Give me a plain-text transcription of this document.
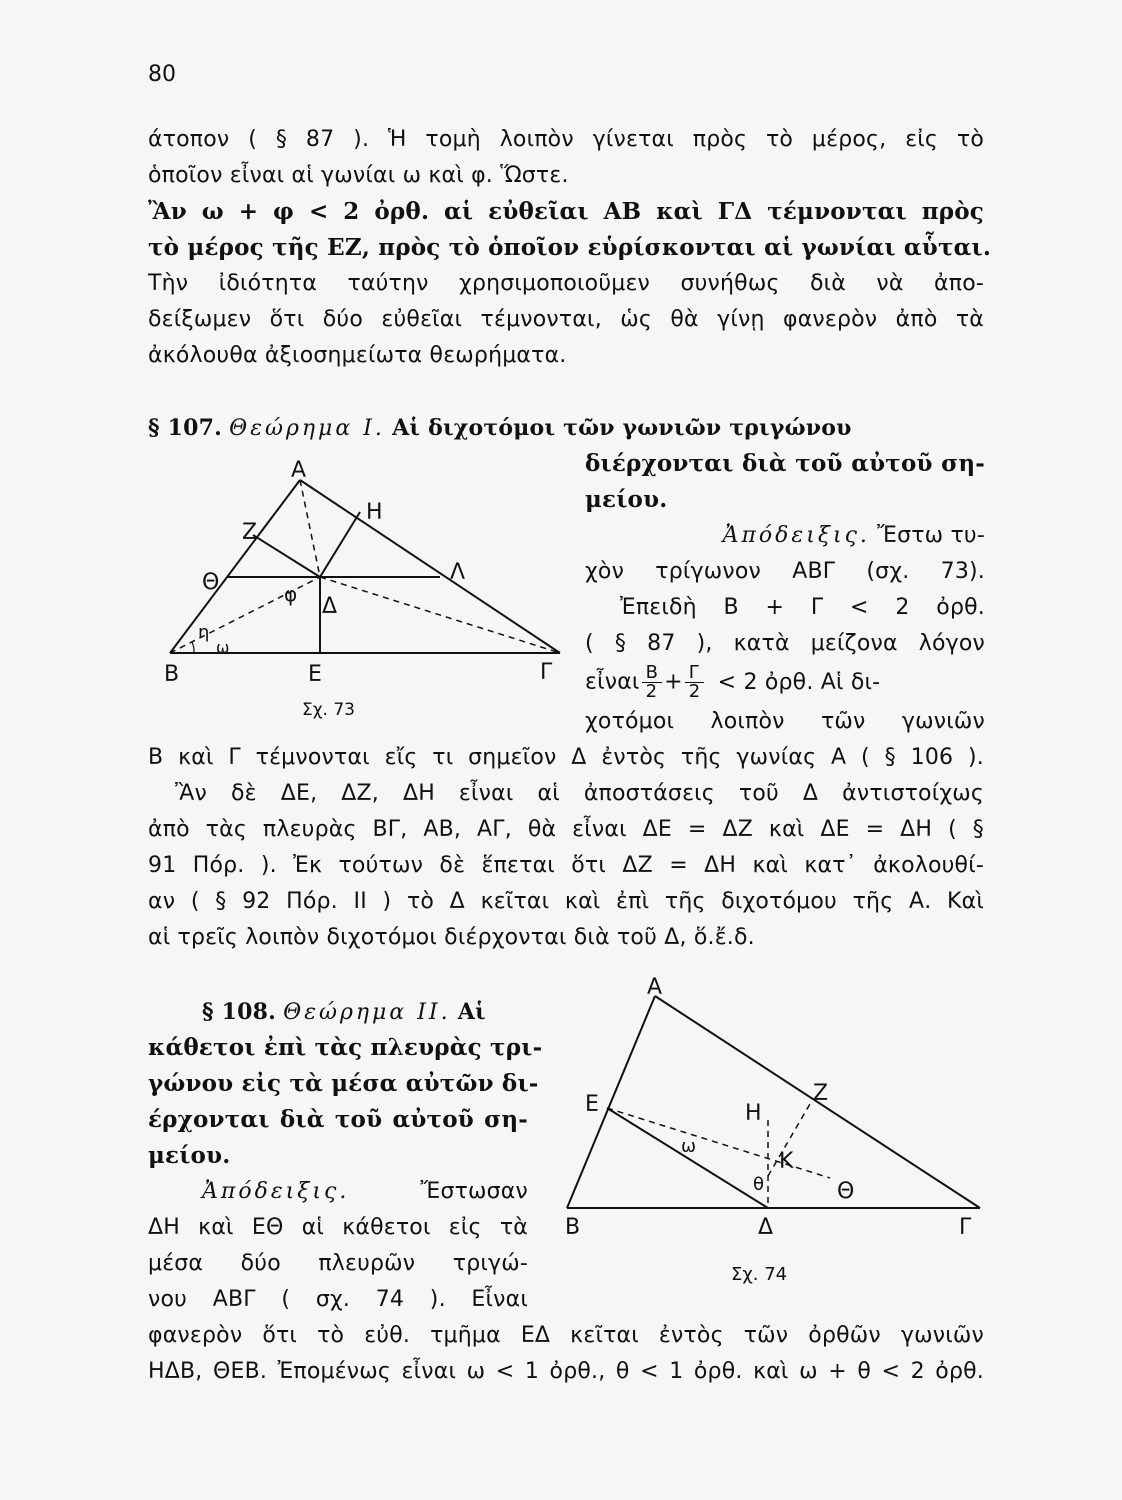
80
άτοπον ( § 87 ). Ἡ τομὴ λοιπὸν γίνεται πρὸς τὸ μέρος, εἰς τὸ
ὁποῖον εἶναι αἱ γωνίαι ω καὶ φ. Ὥστε.
Ἂν ω + φ < 2 ὀρθ. αἱ εὐθεῖαι ΑΒ καὶ ΓΔ τέμνονται πρὸς
τὸ μέρος τῆς ΕΖ, πρὸς τὸ ὁποῖον εὑρίσκονται αἱ γωνίαι αὗται.
Τὴν ἰδιότητα ταύτην χρησιμοποιοῦμεν συνήθως διὰ νὰ ἀπο-
δείξωμεν ὅτι δύο εὐθεῖαι τέμνονται, ὡς θὰ γίνῃ φανερὸν ἀπὸ τὰ
ἀκόλουθα ἀξιοσημείωτα θεωρήματα.
§ 107. Θεώρημα I. Αἱ διχοτόμοι τῶν γωνιῶν τριγώνου
διέρχονται διὰ τοῦ αὐτοῦ ση-
μείου.
Ἀπόδειξις. Ἔστω τυ-
χὸν τρίγωνον ΑΒΓ (σχ. 73).
Ἐπειδὴ Β + Γ < 2 ὀρθ.
( § 87 ), κατὰ μείζονα λόγον
εἶναι $\frac{B}{2} + \frac{\Gamma}{2} < 2$ ὀρθ. Αἱ δι-
χοτόμοι λοιπὸν τῶν γωνιῶν
Β καὶ Γ τέμνονται εἴς τι σημεῖον Δ ἐντὸς τῆς γωνίας Α ( § 106 ).
Ἂν δὲ ΔΕ, ΔΖ, ΔΗ εἶναι αἱ ἀποστάσεις τοῦ Δ ἀντιστοίχως
ἀπὸ τὰς πλευρὰς ΒΓ, ΑΒ, ΑΓ, θὰ εἶναι ΔΕ = ΔΖ καὶ ΔΕ = ΔΗ ( §
91 Πόρ. ). Ἐκ τούτων δὲ ἕπεται ὅτι ΔΖ = ΔΗ καὶ κατ᾽ ἀκολουθί-
αν ( § 92 Πόρ. II ) τὸ Δ κεῖται καὶ ἐπὶ τῆς διχοτόμου τῆς Α. Καὶ
αἱ τρεῖς λοιπὸν διχοτόμοι διέρχονται διὰ τοῦ Δ, ὅ.ἔ.δ.
Α
Ζ
Η
Θ	Λ
φ Δ
η
ω
Β	Ε	Γ
Σχ. 73
§ 108. Θεώρημα II. Αἱ
κάθετοι ἐπὶ τὰς πλευρὰς τρι-
γώνου εἰς τὰ μέσα αὐτῶν δι-
έρχονται διὰ τοῦ αὐτοῦ ση-
μείου.
Ἀπόδειξις.	Ἔστωσαν
ΔΗ καὶ ΕΘ αἱ κάθετοι εἰς τὰ
μέσα δύο πλευρῶν τριγώ-
νου ΑΒΓ ( σχ. 74 ). Εἶναι
φανερὸν ὅτι τὸ εὐθ. τμῆμα ΕΔ κεῖται ἐντὸς τῶν ὀρθῶν γωνιῶν
ΗΔΒ, ΘΕΒ. Ἐπομένως εἶναι ω < 1 ὀρθ., θ < 1 ὀρθ. καὶ ω + θ < 2 ὀρθ.
Α
Ε	Ζ
Η
ω
Κ
θ	Θ
Β	Δ	Γ
Σχ. 74
